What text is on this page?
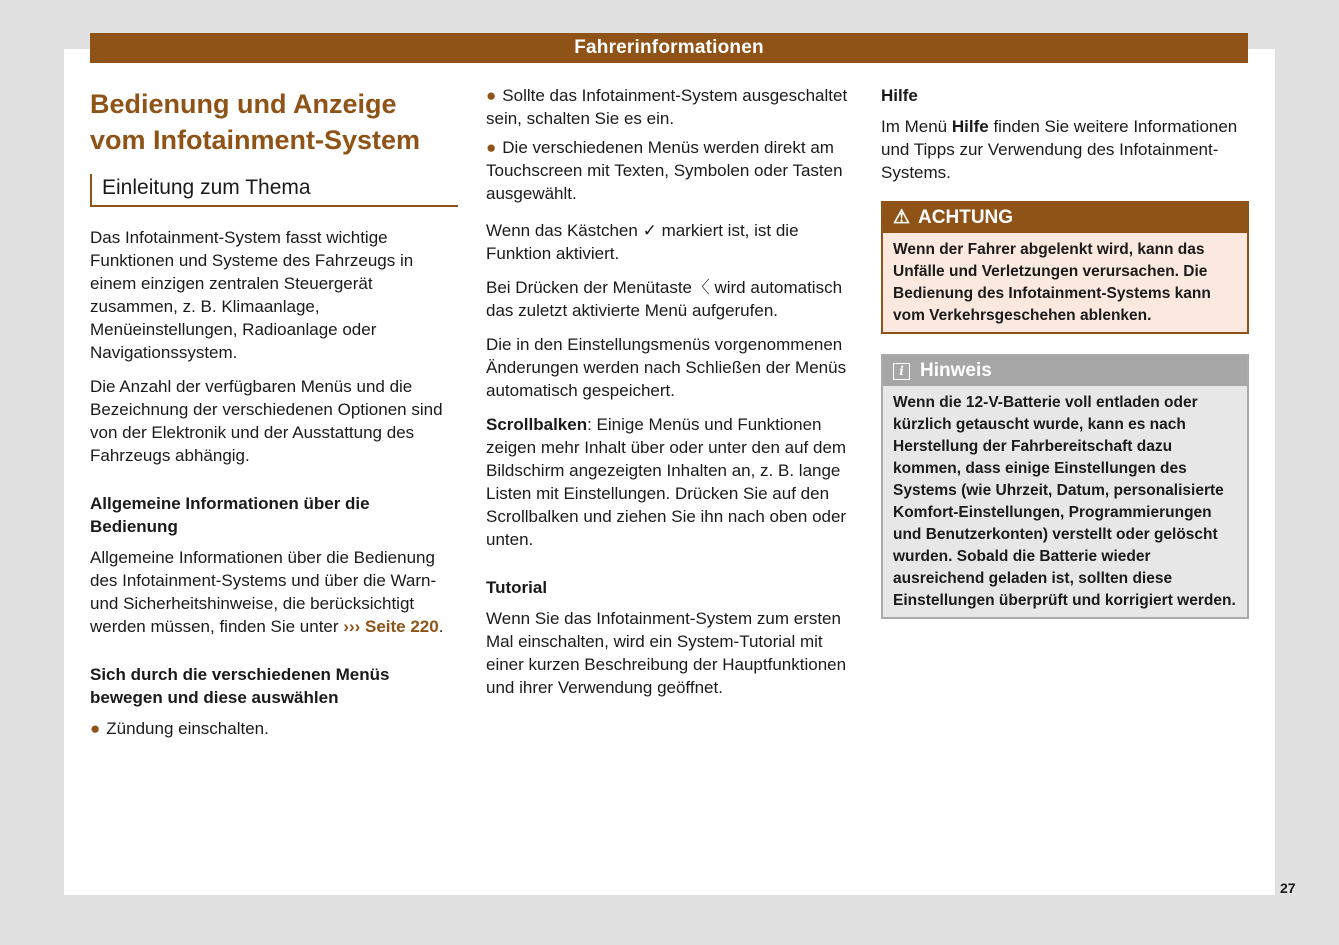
Fahrerinformationen
Bedienung und Anzeige vom Infotainment-System
Einleitung zum Thema

Das Infotainment-System fasst wichtige Funktionen und Systeme des Fahrzeugs in einem einzigen zentralen Steuergerät zusammen, z. B. Klimaanlage, Menüeinstellungen, Radioanlage oder Navigationssystem.

Die Anzahl der verfügbaren Menüs und die Bezeichnung der verschiedenen Optionen sind von der Elektronik und der Ausstattung des Fahrzeugs abhängig.

Allgemeine Informationen über die Bedienung

Allgemeine Informationen über die Bedienung des Infotainment-Systems und über die Warn- und Sicherheitshinweise, die berücksichtigt werden müssen, finden Sie unter ››› Seite 220.

Sich durch die verschiedenen Menüs bewegen und diese auswählen
● Zündung einschalten.
● Sollte das Infotainment-System ausgeschaltet sein, schalten Sie es ein.
● Die verschiedenen Menüs werden direkt am Touchscreen mit Texten, Symbolen oder Tasten ausgewählt.

Wenn das Kästchen ✓ markiert ist, ist die Funktion aktiviert.

Bei Drücken der Menütaste 〈 wird automatisch das zuletzt aktivierte Menü aufgerufen.

Die in den Einstellungsmenüs vorgenommenen Änderungen werden nach Schließen der Menüs automatisch gespeichert.

Scrollbalken: Einige Menüs und Funktionen zeigen mehr Inhalt über oder unter den auf dem Bildschirm angezeigten Inhalten an, z. B. lange Listen mit Einstellungen. Drücken Sie auf den Scrollbalken und ziehen Sie ihn nach oben oder unten.

Tutorial

Wenn Sie das Infotainment-System zum ersten Mal einschalten, wird ein System-Tutorial mit einer kurzen Beschreibung der Hauptfunktionen und ihrer Verwendung geöffnet.

Hilfe

Im Menü Hilfe finden Sie weitere Informationen und Tipps zur Verwendung des Infotainment-Systems.

⚠ ACHTUNG
Wenn der Fahrer abgelenkt wird, kann das Unfälle und Verletzungen verursachen. Die Bedienung des Infotainment-Systems kann vom Verkehrsgeschehen ablenken.
i Hinweis
Wenn die 12-V-Batterie voll entladen oder kürzlich getauscht wurde, kann es nach Herstellung der Fahrbereitschaft dazu kommen, dass einige Einstellungen des Systems (wie Uhrzeit, Datum, personalisierte Komfort-Einstellungen, Programmierungen und Benutzerkonten) verstellt oder gelöscht wurden. Sobald die Batterie wieder ausreichend geladen ist, sollten diese Einstellungen überprüft und korrigiert werden.
27
